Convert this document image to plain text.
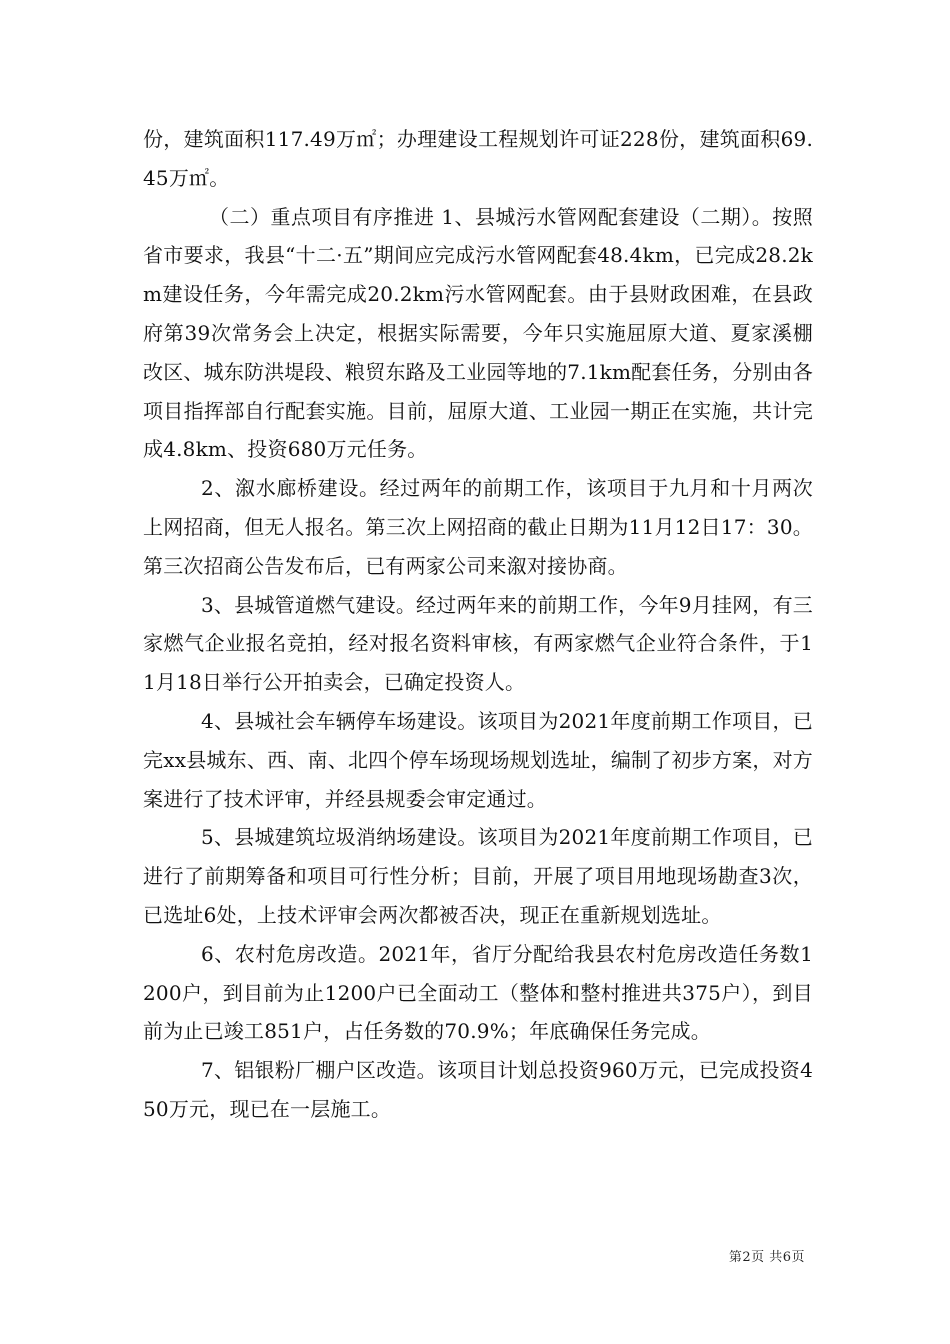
份，建筑面积117.49万㎡；办理建设工程规划许可证228份，建筑面积69.45万㎡。

（二）重点项目有序推进 1、县城污水管网配套建设（二期）。按照省市要求，我县“十二·五”期间应完成污水管网配套48.4km，已完成28.2km建设任务，今年需完成20.2km污水管网配套。由于县财政困难，在县政府第39次常务会上决定，根据实际需要，今年只实施屈原大道、夏家溪棚改区、城东防洪堤段、粮贸东路及工业园等地的7.1km配套任务，分别由各项目指挥部自行配套实施。目前，屈原大道、工业园一期正在实施，共计完成4.8km、投资680万元任务。

2、溆水廊桥建设。经过两年的前期工作，该项目于九月和十月两次上网招商，但无人报名。第三次上网招商的截止日期为11月12日17：30。第三次招商公告发布后，已有两家公司来溆对接协商。

3、县城管道燃气建设。经过两年来的前期工作，今年9月挂网，有三家燃气企业报名竞拍，经对报名资料审核，有两家燃气企业符合条件，于11月18日举行公开拍卖会，已确定投资人。

4、县城社会车辆停车场建设。该项目为2021年度前期工作项目，已完xx县城东、西、南、北四个停车场现场规划选址，编制了初步方案，对方案进行了技术评审，并经县规委会审定通过。

5、县城建筑垃圾消纳场建设。该项目为2021年度前期工作项目，已进行了前期筹备和项目可行性分析；目前，开展了项目用地现场勘查3次，已选址6处，上技术评审会两次都被否决，现正在重新规划选址。

6、农村危房改造。2021年，省厅分配给我县农村危房改造任务数1200户，到目前为止1200户已全面动工（整体和整村推进共375户），到目前为止已竣工851户，占任务数的70.9%；年底确保任务完成。

7、铝银粉厂棚户区改造。该项目计划总投资960万元，已完成投资450万元，现已在一层施工。

第2页 共6页
